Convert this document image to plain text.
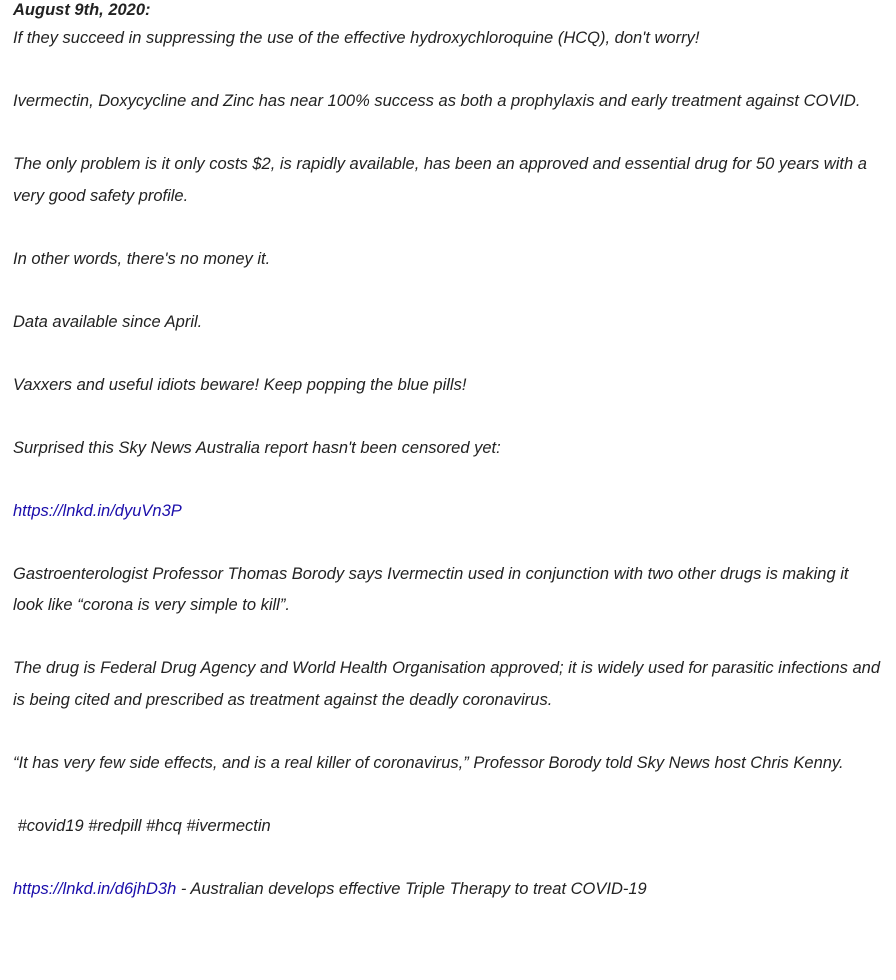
August 9th, 2020:

If they succeed in suppressing the use of the effective hydroxychloroquine (HCQ), don't worry!

Ivermectin, Doxycycline and Zinc has near 100% success as both a prophylaxis and early treatment against COVID.

The only problem is it only costs $2, is rapidly available, has been an approved and essential drug for 50 years with a very good safety profile.

In other words, there's no money it.

Data available since April.

Vaxxers and useful idiots beware! Keep popping the blue pills!

Surprised this Sky News Australia report hasn't been censored yet:

https://lnkd.in/dyuVn3P

Gastroenterologist Professor Thomas Borody says Ivermectin used in conjunction with two other drugs is making it look like “corona is very simple to kill”.

The drug is Federal Drug Agency and World Health Organisation approved; it is widely used for parasitic infections and is being cited and prescribed as treatment against the deadly coronavirus.

“It has very few side effects, and is a real killer of coronavirus,” Professor Borody told Sky News host Chris Kenny.

#covid19 #redpill #hcq #ivermectin

https://lnkd.in/d6jhD3h - Australian develops effective Triple Therapy to treat COVID-19
